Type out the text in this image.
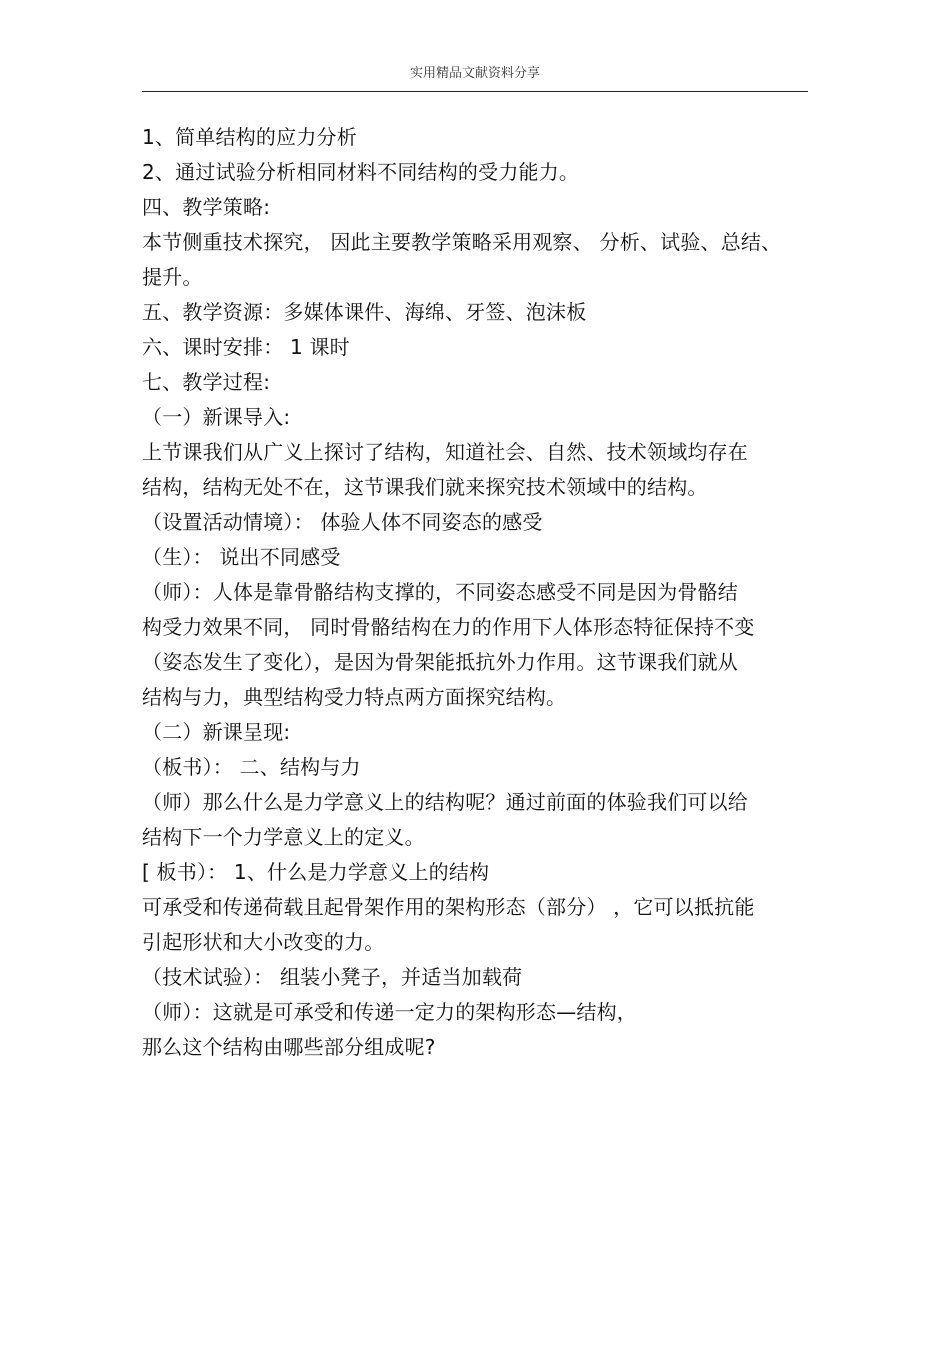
实用精品文献资料分享
1、简单结构的应力分析
2、通过试验分析相同材料不同结构的受力能力。
四、教学策略:
本节侧重技术探究， 因此主要教学策略采用观察、 分析、试验、总结、
提升。
五、教学资源：多媒体课件、海绵、牙签、泡沫板
六、课时安排： 1 课时
七、教学过程:
（一）新课导入:
上节课我们从广义上探讨了结构，知道社会、自然、技术领域均存在
结构，结构无处不在，这节课我们就来探究技术领域中的结构。
（设置活动情境）： 体验人体不同姿态的感受
（生）： 说出不同感受
（师）：人体是靠骨骼结构支撑的，不同姿态感受不同是因为骨骼结
构受力效果不同， 同时骨骼结构在力的作用下人体形态特征保持不变
（姿态发生了变化），是因为骨架能抵抗外力作用。这节课我们就从
结构与力，典型结构受力特点两方面探究结构。
（二）新课呈现:
（板书）： 二、结构与力
（师）那么什么是力学意义上的结构呢？通过前面的体验我们可以给
结构下一个力学意义上的定义。
[ 板书）： 1、什么是力学意义上的结构
可承受和传递荷载且起骨架作用的架构形态（部分） ，它可以抵抗能
引起形状和大小改变的力。
（技术试验）： 组装小凳子，并适当加载荷
（师）：这就是可承受和传递一定力的架构形态—结构，
那么这个结构由哪些部分组成呢?
